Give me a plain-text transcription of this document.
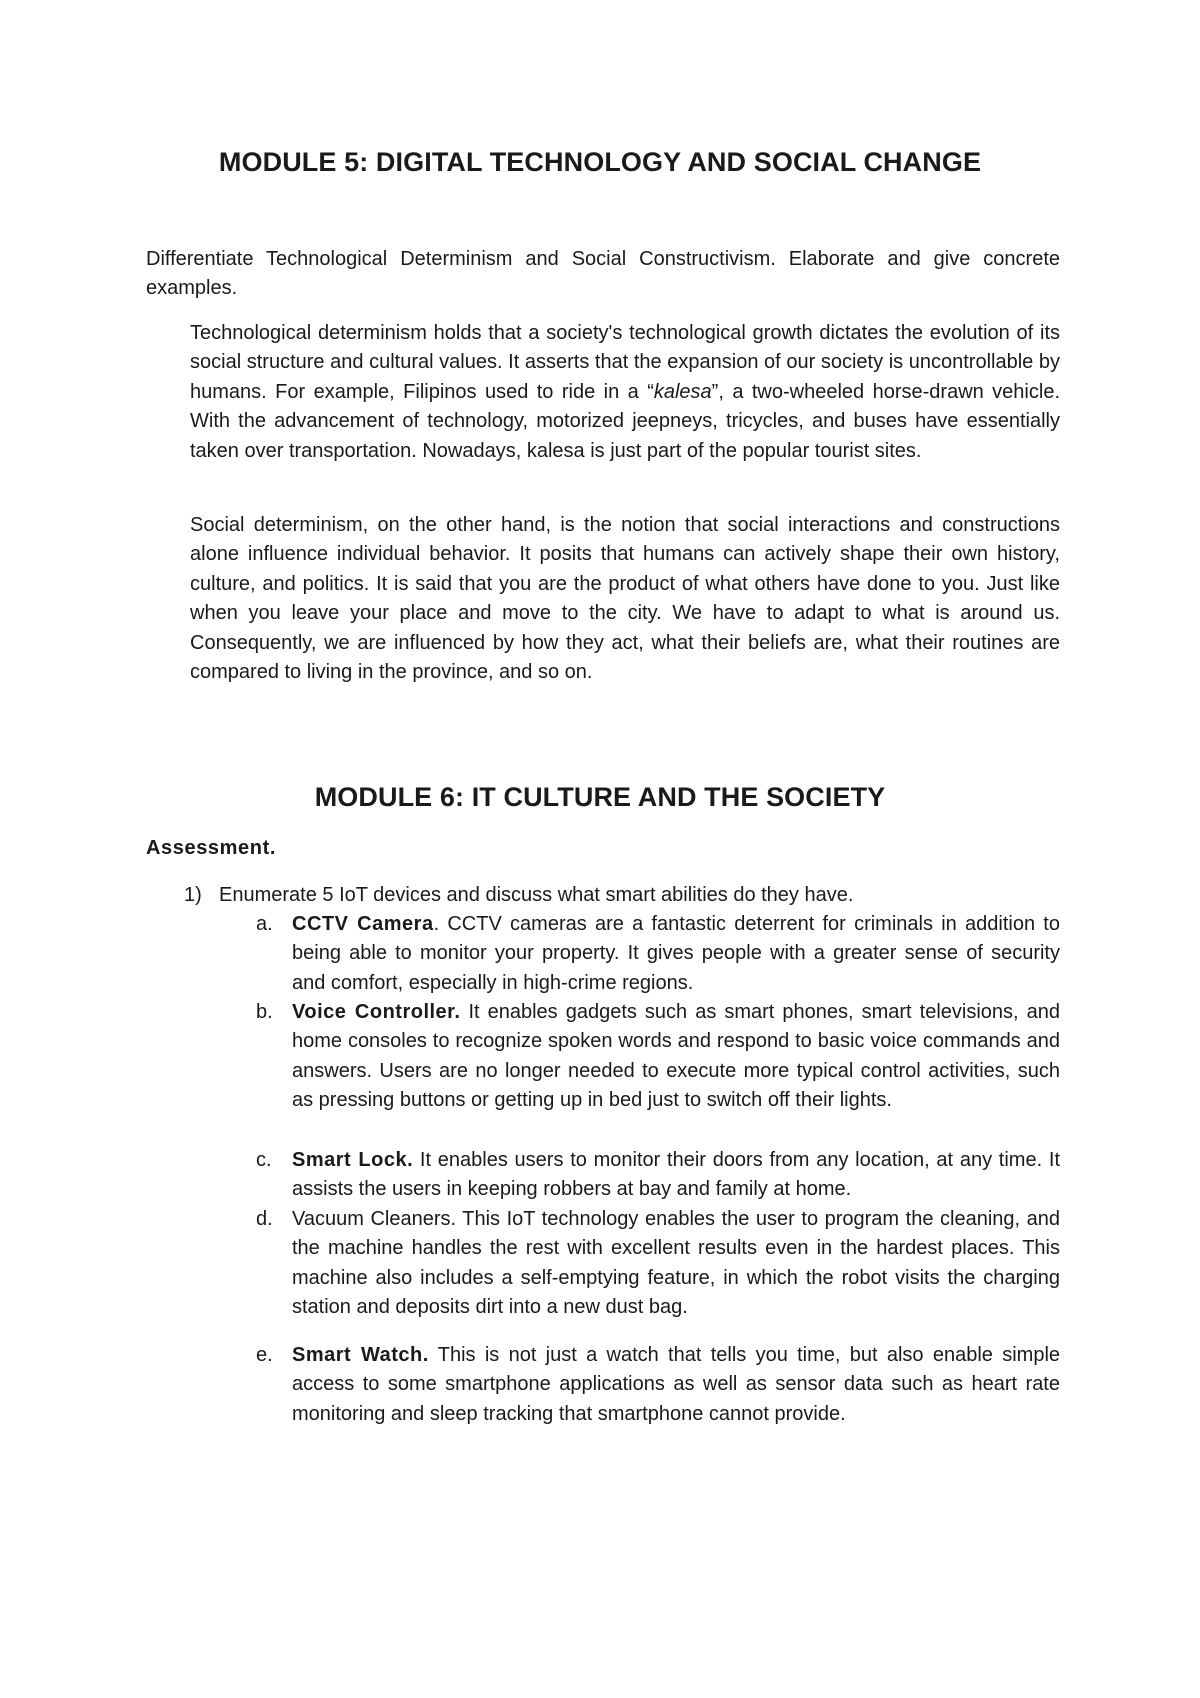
MODULE 5: DIGITAL TECHNOLOGY AND SOCIAL CHANGE

Differentiate Technological Determinism and Social Constructivism. Elaborate and give concrete examples.

Technological determinism holds that a society's technological growth dictates the evolution of its social structure and cultural values. It asserts that the expansion of our society is uncontrollable by humans. For example, Filipinos used to ride in a “kalesa”, a two-wheeled horse-drawn vehicle. With the advancement of technology, motorized jeepneys, tricycles, and buses have essentially taken over transportation. Nowadays, kalesa is just part of the popular tourist sites.

Social determinism, on the other hand, is the notion that social interactions and constructions alone influence individual behavior. It posits that humans can actively shape their own history, culture, and politics. It is said that you are the product of what others have done to you. Just like when you leave your place and move to the city. We have to adapt to what is around us. Consequently, we are influenced by how they act, what their beliefs are, what their routines are compared to living in the province, and so on.

MODULE 6: IT CULTURE AND THE SOCIETY

Assessment.

1) Enumerate 5 IoT devices and discuss what smart abilities do they have.

a. CCTV Camera. CCTV cameras are a fantastic deterrent for criminals in addition to being able to monitor your property. It gives people with a greater sense of security and comfort, especially in high-crime regions.
b. Voice Controller. It enables gadgets such as smart phones, smart televisions, and home consoles to recognize spoken words and respond to basic voice commands and answers. Users are no longer needed to execute more typical control activities, such as pressing buttons or getting up in bed just to switch off their lights.
c.	Smart Lock. It enables users to monitor their doors from any location, at any time. It assists the users in keeping robbers at bay and family at home.
d. Vacuum Cleaners. This IoT technology enables the user to program the cleaning, and the machine handles the rest with excellent results even in the hardest places. This machine also includes a self-emptying feature, in which the robot visits the charging station and deposits dirt into a new dust bag.
e. Smart Watch. This is not just a watch that tells you time, but also enable simple access to some smartphone applications as well as sensor data such as heart rate monitoring and sleep tracking that smartphone cannot provide.
